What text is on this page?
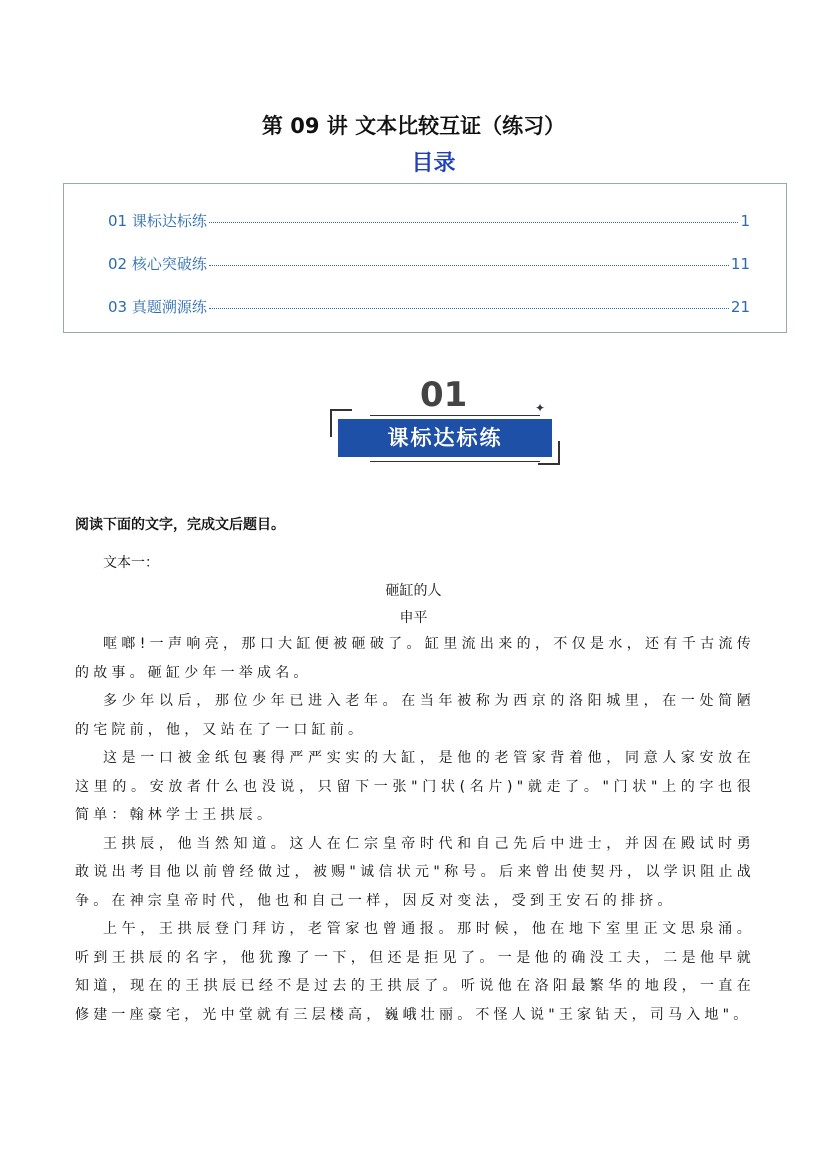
第 09 讲 文本比较互证（练习）
目录
01 课标达标练	1
02 核心突破练	11
03 真题溯源练	21
01	✦
课标达标练
阅读下面的文字，完成文后题目。
文本一：
砸缸的人
申平

哐啷!一声响亮，那口大缸便被砸破了。缸里流出来的，不仅是水，还有千古流传的故事。砸缸少年一举成名。

多少年以后，那位少年已进入老年。在当年被称为西京的洛阳城里，在一处简陋的宅院前，他，又站在了一口缸前。

这是一口被金纸包裹得严严实实的大缸，是他的老管家背着他，同意人家安放在这里的。安放者什么也没说，只留下一张"门状(名片)"就走了。"门状"上的字也很简单：翰林学士王拱辰。

王拱辰，他当然知道。这人在仁宗皇帝时代和自己先后中进士，并因在殿试时勇敢说出考目他以前曾经做过，被赐"诚信状元"称号。后来曾出使契丹，以学识阻止战争。在神宗皇帝时代，他也和自己一样，因反对变法，受到王安石的排挤。

上午，王拱辰登门拜访，老管家也曾通报。那时候，他在地下室里正文思泉涌。听到王拱辰的名字，他犹豫了一下，但还是拒见了。一是他的确没工夫，二是他早就知道，现在的王拱辰已经不是过去的王拱辰了。听说他在洛阳最繁华的地段，一直在修建一座豪宅，光中堂就有三层楼高，巍峨壮丽。不怪人说"王家钻天，司马入地"。
